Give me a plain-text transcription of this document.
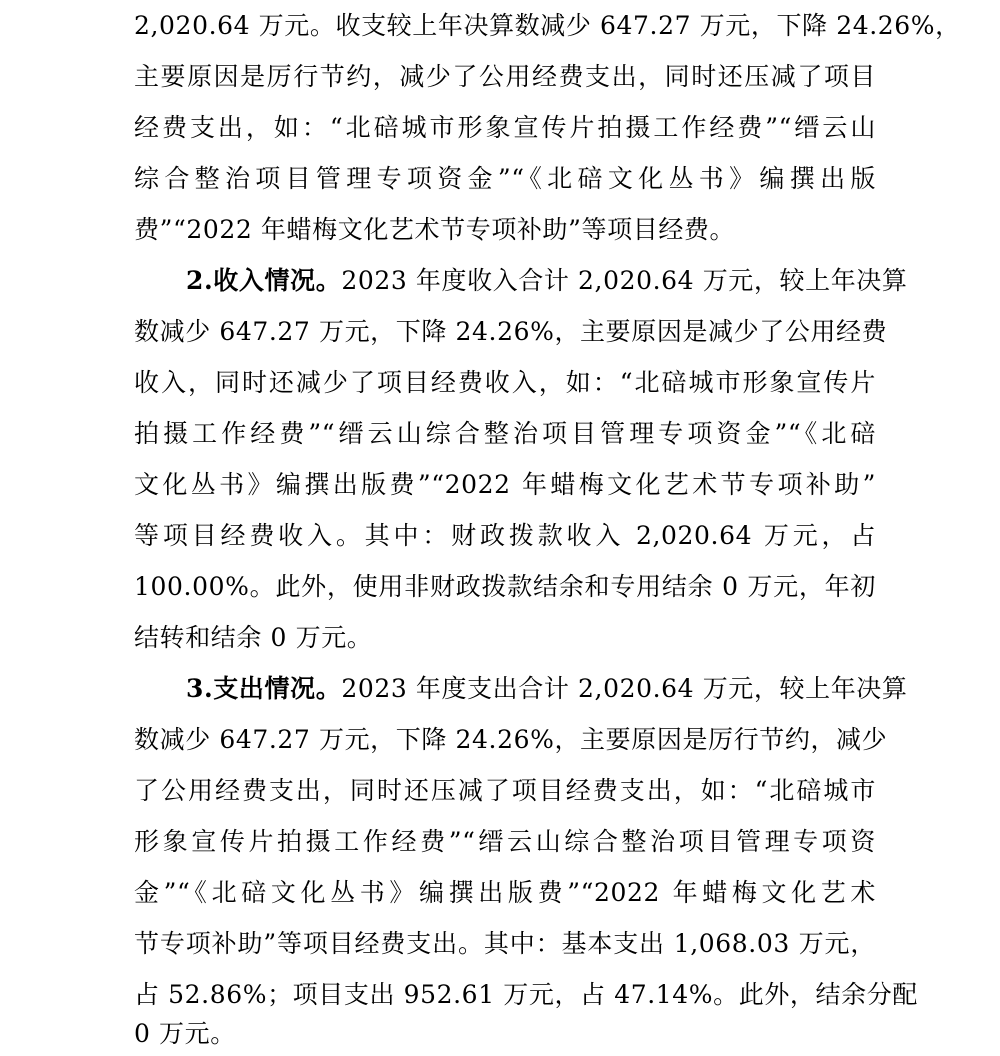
2,020.64 万元。收支较上年决算数减少 647.27 万元，下降 24.26%，
主要原因是厉行节约，减少了公用经费支出，同时还压减了项目
经费支出，如：“北碚城市形象宣传片拍摄工作经费”“缙云山
综合整治项目管理专项资金”“《北碚文化丛书》编撰出版
费”“2022 年蜡梅文化艺术节专项补助”等项目经费。
2.收入情况。2023 年度收入合计 2,020.64 万元，较上年决算
数减少 647.27 万元，下降 24.26%，主要原因是减少了公用经费
收入，同时还减少了项目经费收入，如：“北碚城市形象宣传片
拍摄工作经费”“缙云山综合整治项目管理专项资金”“《北碚
文化丛书》编撰出版费”“2022 年蜡梅文化艺术节专项补助”
等项目经费收入。其中：财政拨款收入 2,020.64 万元，占
100.00%。此外，使用非财政拨款结余和专用结余 0 万元，年初
结转和结余 0 万元。
3.支出情况。2023 年度支出合计 2,020.64 万元，较上年决算
数减少 647.27 万元，下降 24.26%，主要原因是厉行节约，减少
了公用经费支出，同时还压减了项目经费支出，如：“北碚城市
形象宣传片拍摄工作经费”“缙云山综合整治项目管理专项资
金”“《北碚文化丛书》编撰出版费”“2022 年蜡梅文化艺术
节专项补助”等项目经费支出。其中：基本支出 1,068.03 万元，
占 52.86%；项目支出 952.61 万元，占 47.14%。此外，结余分配
0 万元。
